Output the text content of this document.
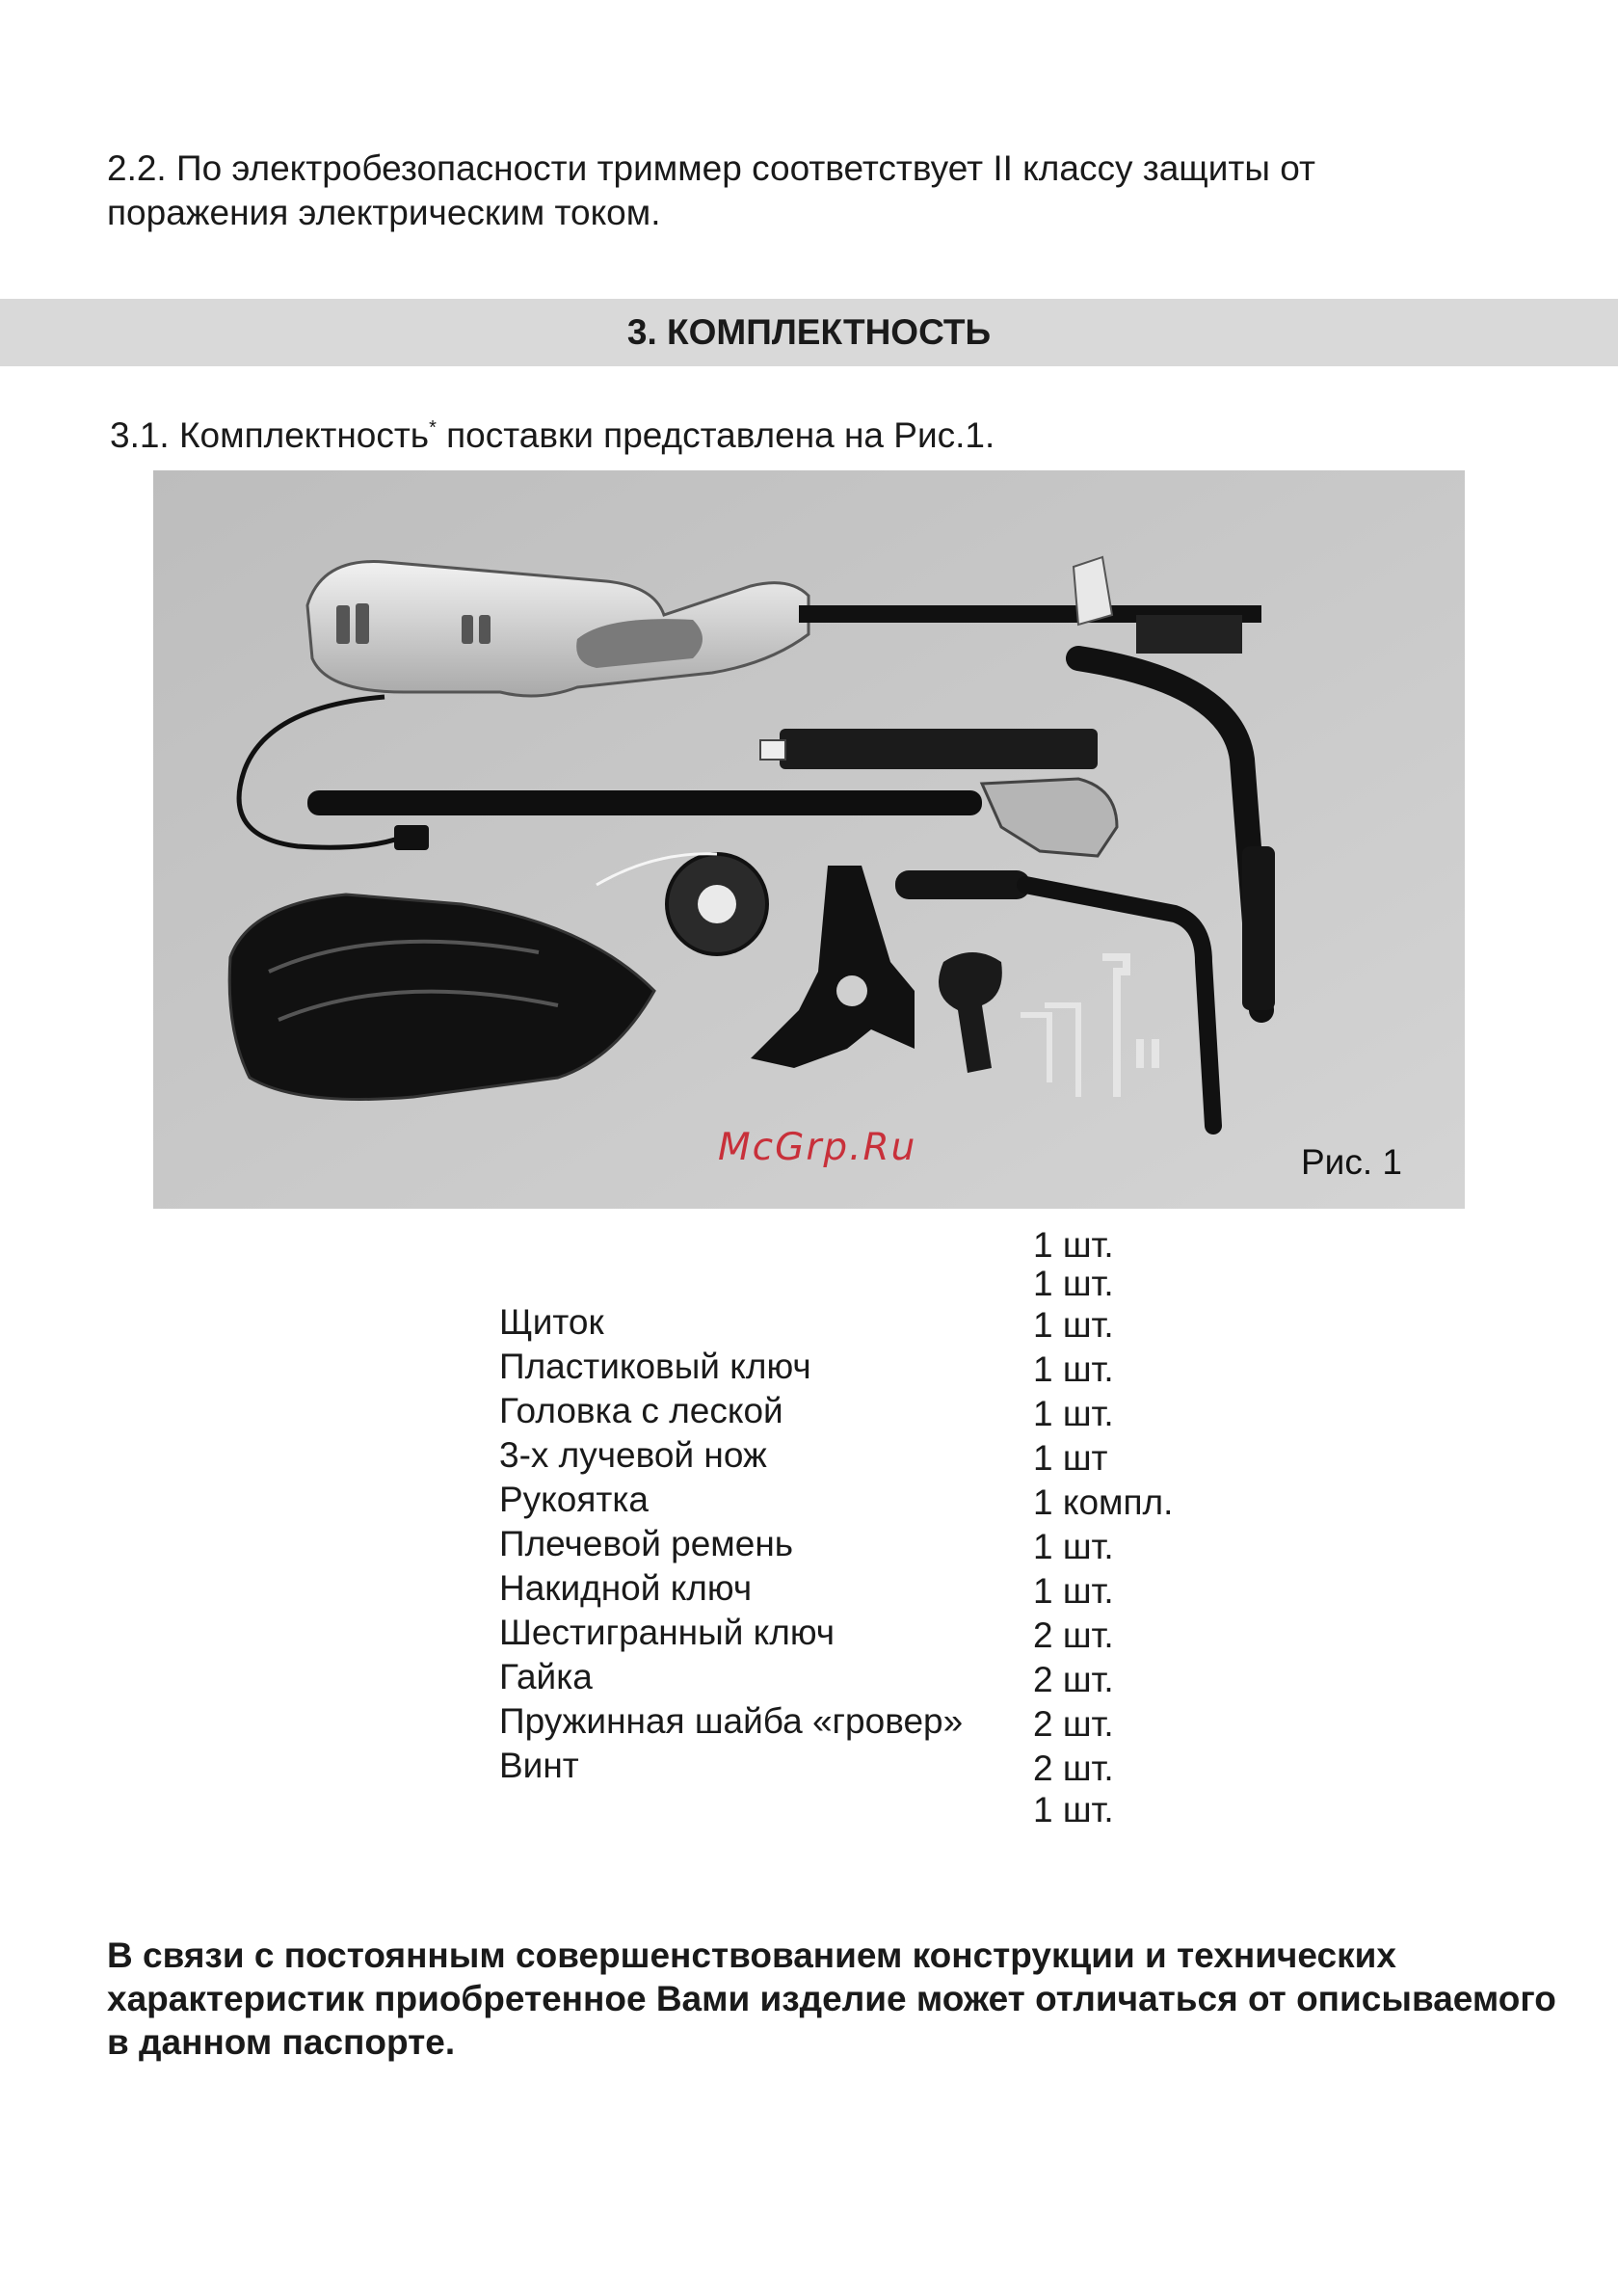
2.2. По электробезопасности триммер соответствует II классу защиты от поражения электрическим током.
3. КОМПЛЕКТНОСТЬ
3.1. Комплектность* поставки представлена на Рис.1.
McGrp.Ru	Рис. 1
Щиток
Пластиковый ключ
Головка с леской
3-х лучевой нож
Рукоятка
Плечевой ремень
Накидной ключ
Шестигранный ключ
Гайка
Пружинная шайба «гровер»
Винт
1 шт.
1 шт.
1 шт.
1 шт.
1 шт.
1 шт
1 компл.
1 шт.
1 шт.
2 шт.
2 шт.
2 шт.
2 шт.
1 шт.
В связи с постоянным совершенствованием конструкции и технических характеристик приобретенное Вами изделие может отличаться от описываемого в данном паспорте.
